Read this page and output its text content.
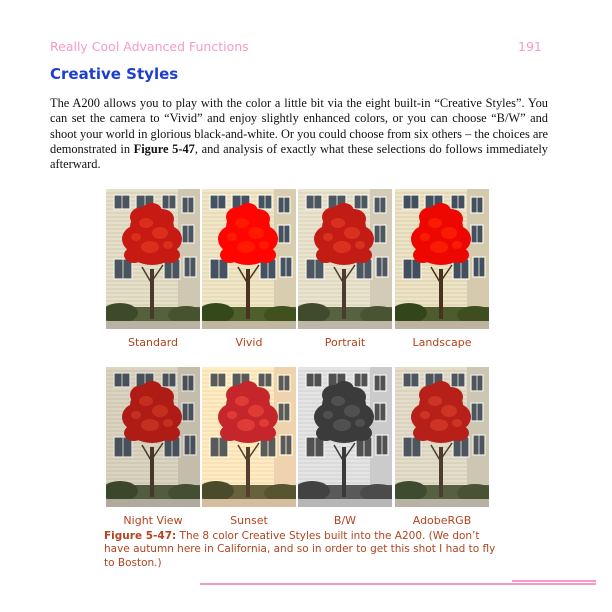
Really Cool Advanced Functions	191
Creative Styles
The A200 allows you to play with the color a little bit via the eight built-in “Creative Styles”. You can set the camera to “Vivid” and enjoy slightly enhanced colors, or you can choose “B/W” and shoot your world in glorious black-and-white. Or you could choose from six others – the choices are demonstrated in Figure 5-47, and analysis of exactly what these selections do follows immediately afterward.
Standard	Vivid	Portrait	Landscape
Night View	Sunset	B/W	AdobeRGB
Figure 5-47: The 8 color Creative Styles built into the A200. (We don’t have autumn here in California, and so in order to get this shot I had to fly to Boston.)
